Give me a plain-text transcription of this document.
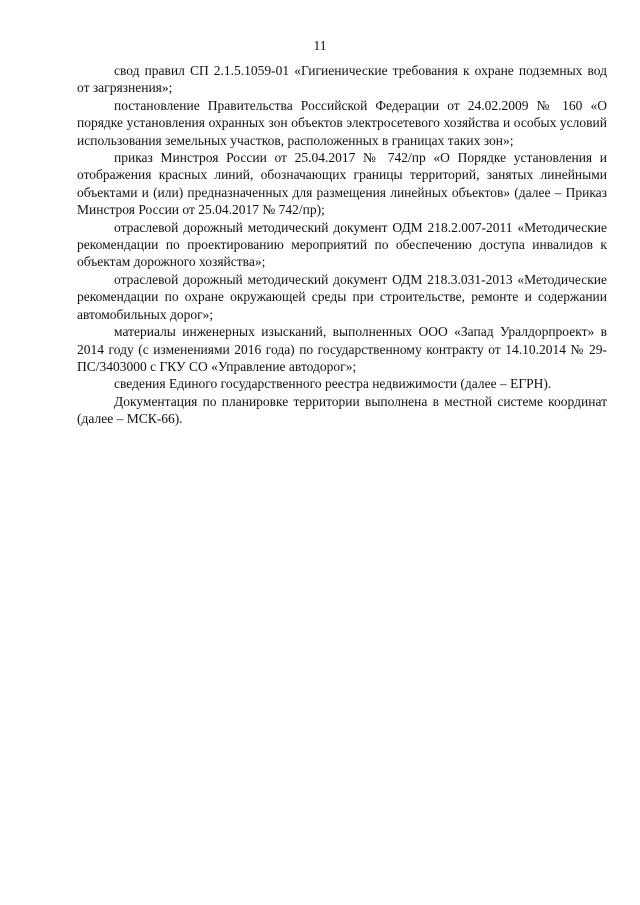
11

свод правил СП 2.1.5.1059-01 «Гигиенические требования к охране подземных вод от загрязнения»;

постановление Правительства Российской Федерации от 24.02.2009 № 160 «О порядке установления охранных зон объектов электросетевого хозяйства и особых условий использования земельных участков, расположенных в границах таких зон»;

приказ Минстроя России от 25.04.2017 № 742/пр «О Порядке установления и отображения красных линий, обозначающих границы территорий, занятых линейными объектами и (или) предназначенных для размещения линейных объектов» (далее – Приказ Минстроя России от 25.04.2017 № 742/пр);

отраслевой дорожный методический документ ОДМ 218.2.007-2011 «Методические рекомендации по проектированию мероприятий по обеспечению доступа инвалидов к объектам дорожного хозяйства»;

отраслевой дорожный методический документ ОДМ 218.3.031-2013 «Методические рекомендации по охране окружающей среды при строительстве, ремонте и содержании автомобильных дорог»;

материалы инженерных изысканий, выполненных ООО «Запад Уралдорпроект» в 2014 году (с изменениями 2016 года) по государственному контракту от 14.10.2014 № 29-ПС/3403000 с ГКУ СО «Управление автодорог»;

сведения Единого государственного реестра недвижимости (далее – ЕГРН).

Документация по планировке территории выполнена в местной системе координат (далее – МСК-66).
